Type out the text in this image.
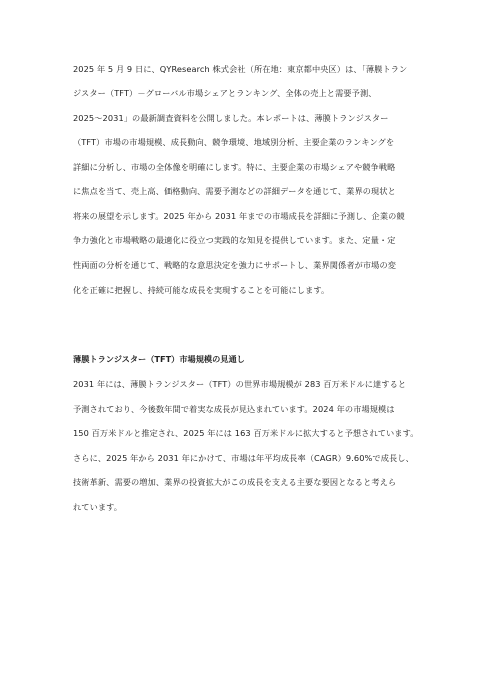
2025 年 5 月 9 日に、QYResearch 株式会社（所在地：東京都中央区）は、「薄膜トラン
ジスター（TFT）－グローバル市場シェアとランキング、全体の売上と需要予測、
2025～2031」の最新調査資料を公開しました。本レポートは、薄膜トランジスター
（TFT）市場の市場規模、成長動向、競争環境、地域別分析、主要企業のランキングを
詳細に分析し、市場の全体像を明確にします。特に、主要企業の市場シェアや競争戦略
に焦点を当て、売上高、価格動向、需要予測などの詳細データを通じて、業界の現状と
将来の展望を示します。2025 年から 2031 年までの市場成長を詳細に予測し、企業の競
争力強化と市場戦略の最適化に役立つ実践的な知見を提供しています。また、定量・定
性両面の分析を通じて、戦略的な意思決定を強力にサポートし、業界関係者が市場の変
化を正確に把握し、持続可能な成長を実現することを可能にします。
薄膜トランジスター（TFT）市場規模の見通し
2031 年には、薄膜トランジスター（TFT）の世界市場規模が 283 百万米ドルに達すると
予測されており、今後数年間で着実な成長が見込まれています。2024 年の市場規模は
150 百万米ドルと推定され、2025 年には 163 百万米ドルに拡大すると予想されています。
さらに、2025 年から 2031 年にかけて、市場は年平均成長率（CAGR）9.60%で成長し、
技術革新、需要の増加、業界の投資拡大がこの成長を支える主要な要因となると考えら
れています。
